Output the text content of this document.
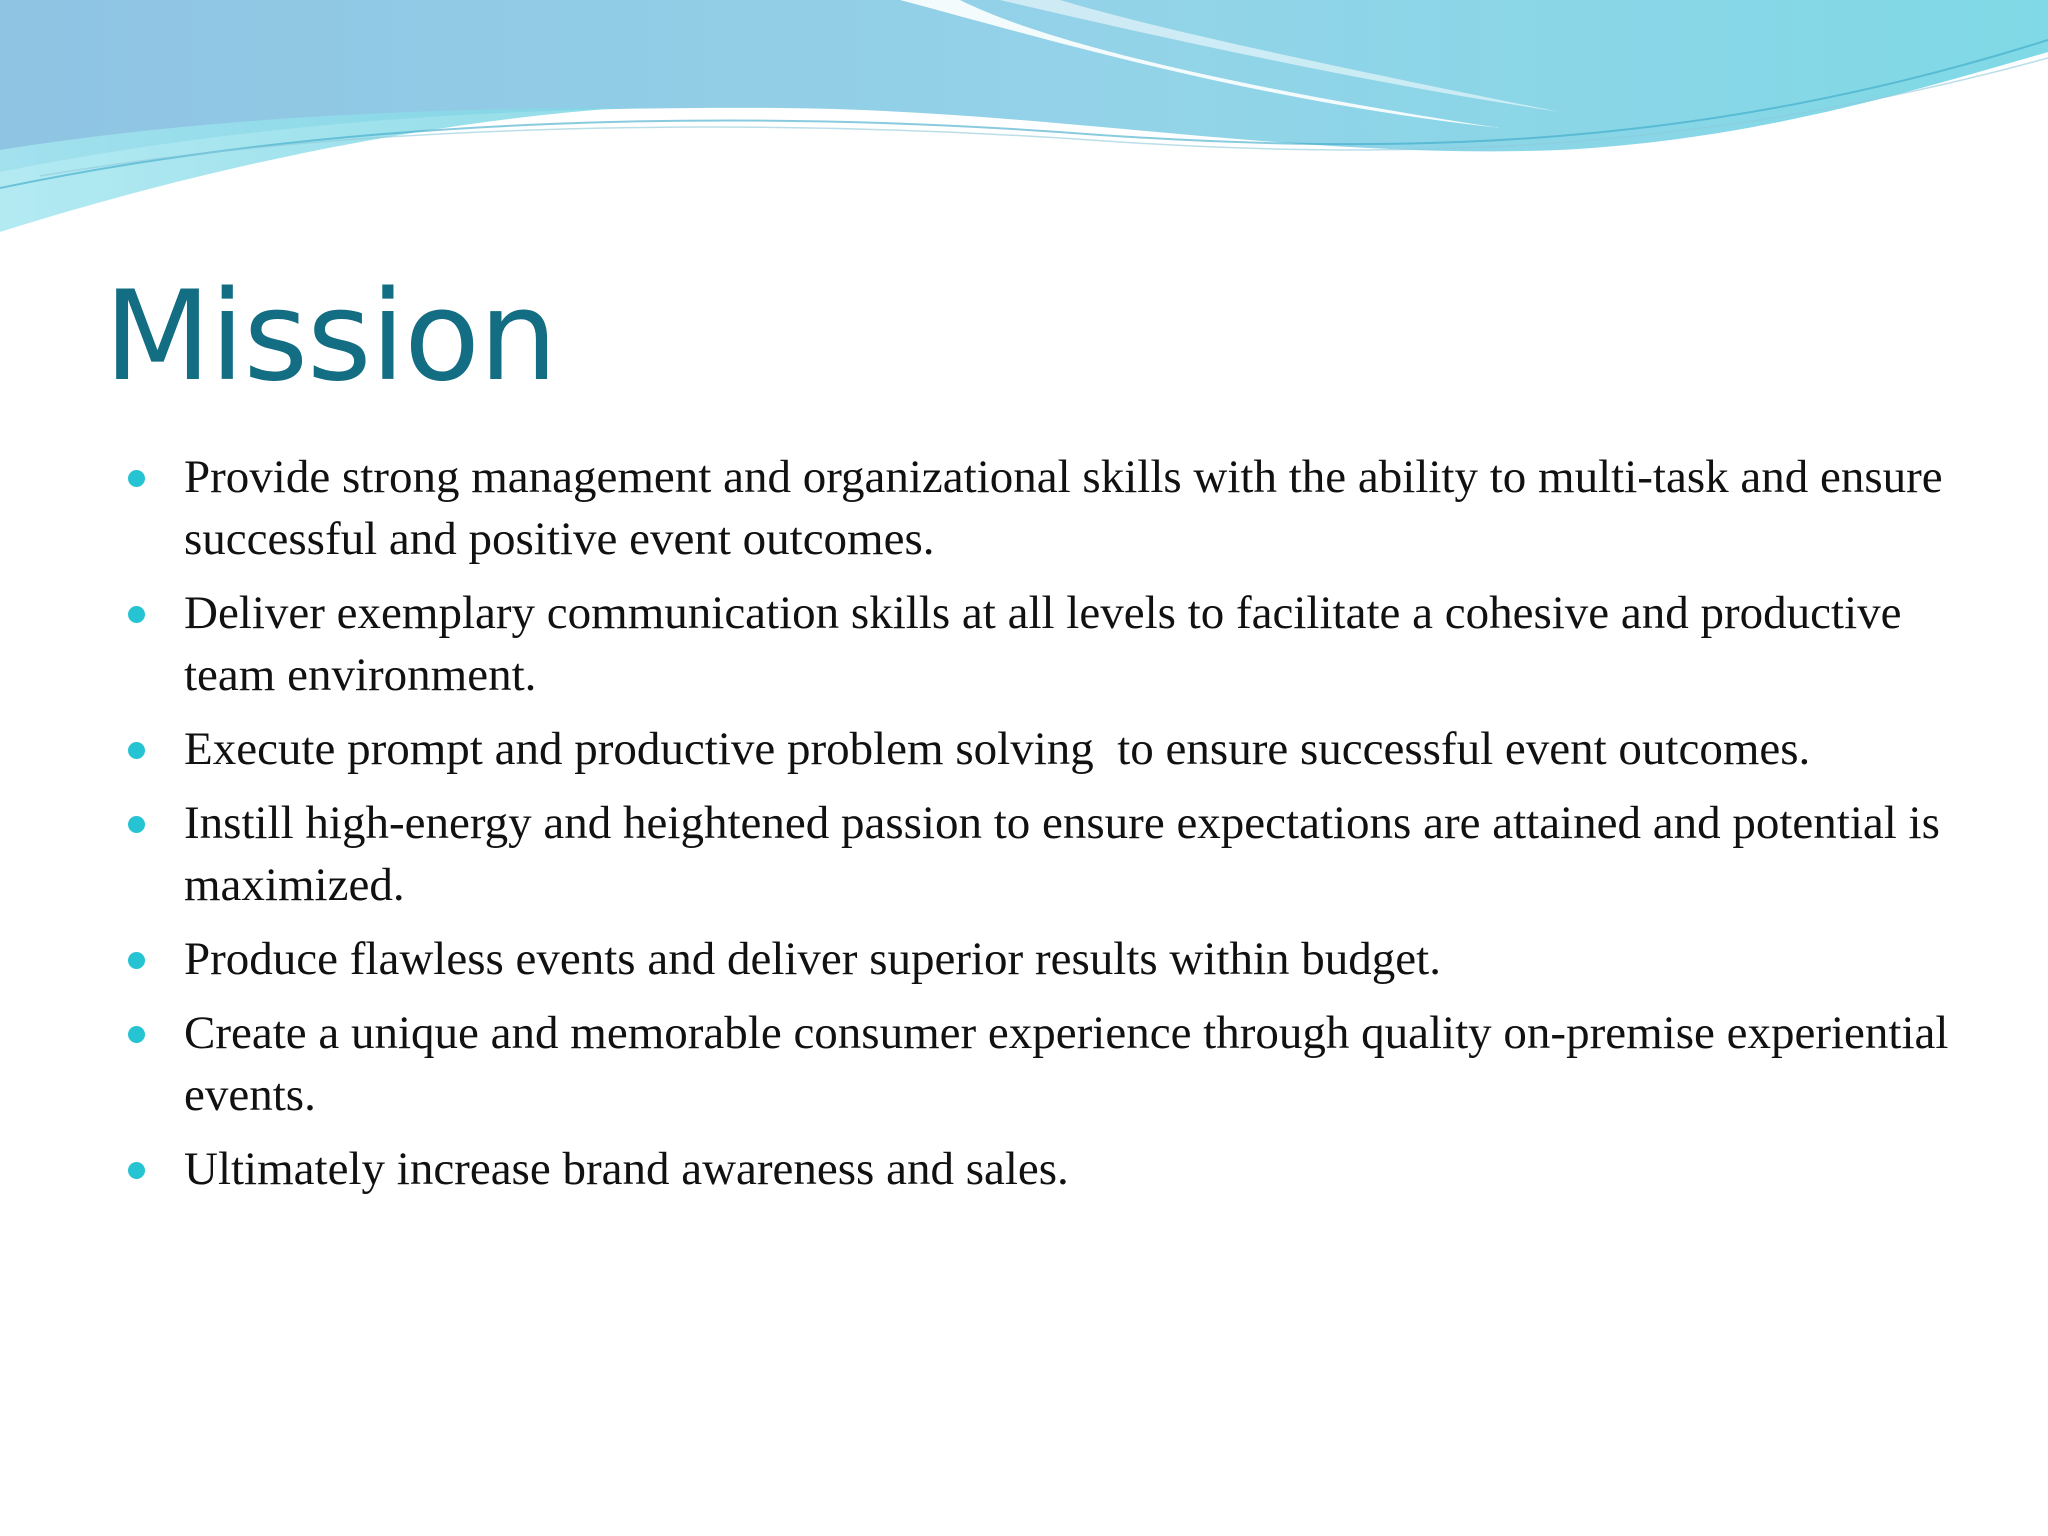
Mission
Provide strong management and organizational skills with the ability to multi-task and ensure successful and positive event outcomes.
Deliver exemplary communication skills at all levels to facilitate a cohesive and productive team environment.
Execute prompt and productive problem solving  to ensure successful event outcomes.
Instill high-energy and heightened passion to ensure expectations are attained and potential is maximized.
Produce flawless events and deliver superior results within budget.
Create a unique and memorable consumer experience through quality on-premise experiential events.
Ultimately increase brand awareness and sales.
